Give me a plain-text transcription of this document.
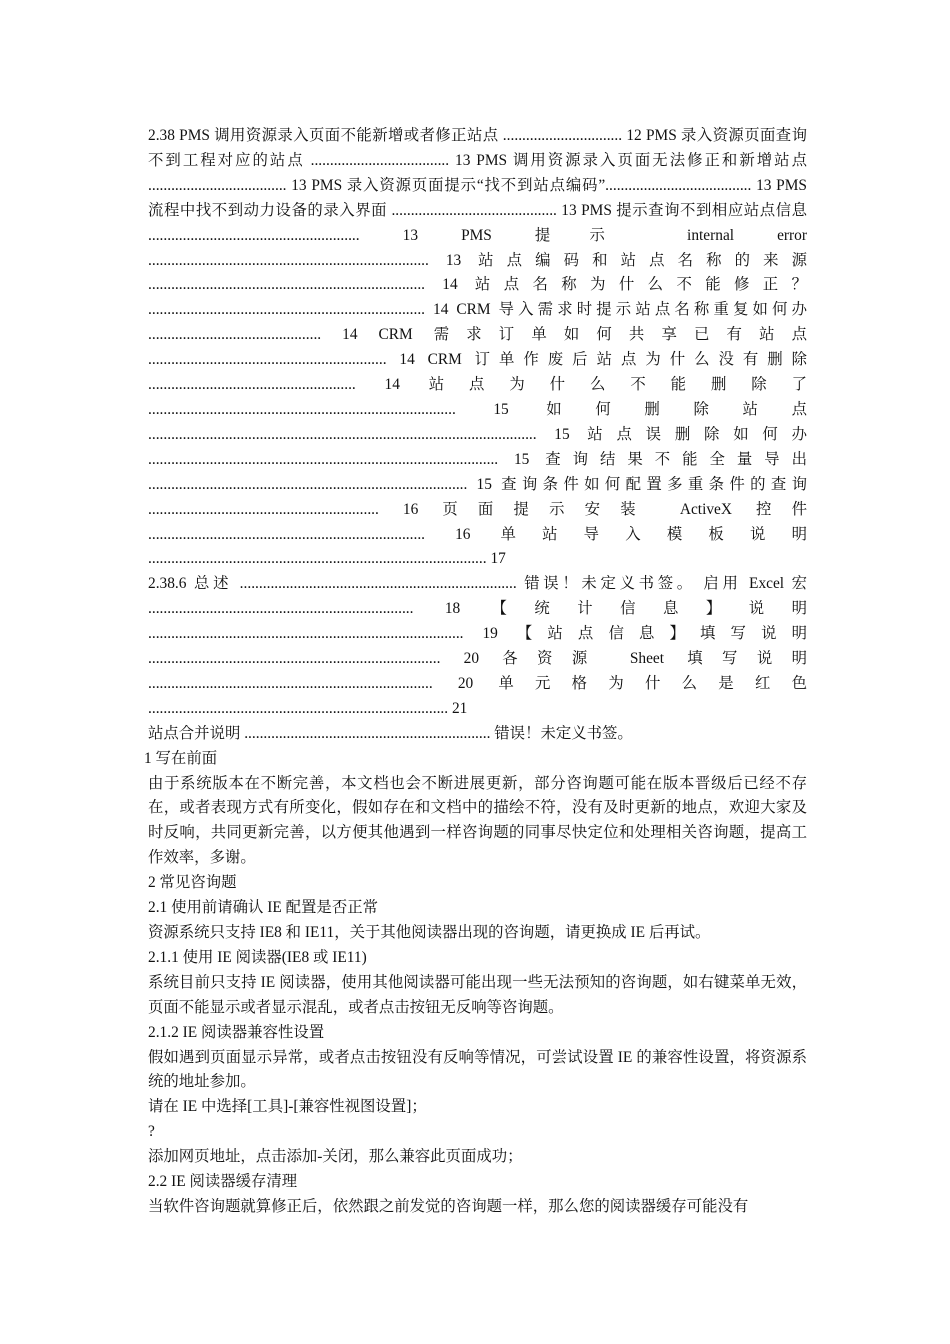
2.38 PMS 调用资源录入页面不能新增或者修正站点 ............................... 12 PMS 录入资源页面查询不到工程对应的站点 .................................... 13 PMS 调用资源录入页面无法修正和新增站点 .................................... 13 PMS 录入资源页面提示“找不到站点编码”...................................... 13 PMS 流程中找不到动力设备的录入界面 ........................................... 13 PMS 提示查询不到相应站点信息 ....................................................... 13 PMS 提示 internal error ......................................................................... 13 站点编码和站点名称的来源 ........................................................................ 14 站点名称为什么不能修正？ ........................................................................ 14 CRM 导入需求时提示站点名称重复如何办 ............................................. 14 CRM 需求订单如何共享已有站点 .............................................................. 14 CRM 订单作废后站点为什么没有删除 ...................................................... 14 站点为什么不能删除了 ................................................................................ 15 如何删除站点 ..................................................................................................... 15 站点误删除如何办 ........................................................................................... 15 查询结果不能全量导出 ................................................................................... 15 查询条件如何配置多重条件的查询 ............................................................ 16 页面提示安装 ActiveX 控件 ........................................................................ 16 单站导入模板说明 ........................................................................................ 17

2.38.6 总述 ........................................................................ 错误！未定义书签。 启用 Excel 宏 ..................................................................... 18 【统计信息】说明 .................................................................................. 19 【站点信息】填写说明 ............................................................................ 20 各资源 Sheet 填写说明 .......................................................................... 20 单元格为什么是红色 .............................................................................. 21

站点合并说明 ................................................................ 错误！未定义书签。

1 写在前面

由于系统版本在不断完善，本文档也会不断进展更新，部分咨询题可能在版本晋级后已经不存在，或者表现方式有所变化，假如存在和文档中的描绘不符，没有及时更新的地点，欢迎大家及时反响，共同更新完善，以方便其他遇到一样咨询题的同事尽快定位和处理相关咨询题，提高工作效率，多谢。

2 常见咨询题

2.1 使用前请确认 IE 配置是否正常

资源系统只支持 IE8 和 IE11，关于其他阅读器出现的咨询题，请更换成 IE 后再试。

2.1.1 使用 IE 阅读器(IE8 或 IE11)

系统目前只支持 IE 阅读器，使用其他阅读器可能出现一些无法预知的咨询题，如右键菜单无效，页面不能显示或者显示混乱，或者点击按钮无反响等咨询题。

2.1.2 IE 阅读器兼容性设置

假如遇到页面显示异常，或者点击按钮没有反响等情况，可尝试设置 IE 的兼容性设置，将资源系统的地址参加。

请在 IE 中选择[工具]-[兼容性视图设置]；

?

添加网页地址，点击添加-关闭，那么兼容此页面成功；

2.2 IE 阅读器缓存清理

当软件咨询题就算修正后，依然跟之前发觉的咨询题一样，那么您的阅读器缓存可能没有
